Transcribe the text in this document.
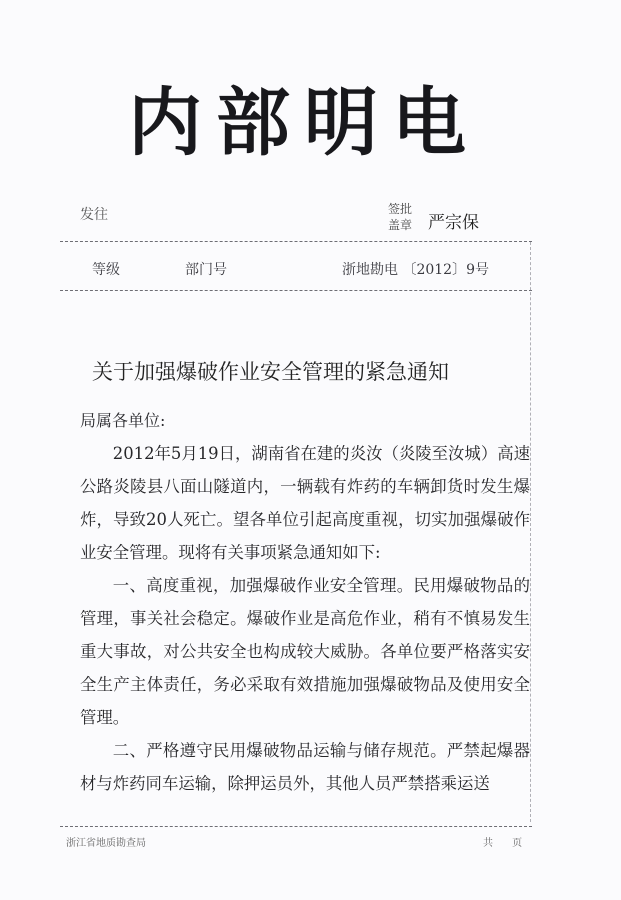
内部明电
发往	签批盖章 严宗保
等级	部门号	浙地勘电 〔2012〕9号
关于加强爆破作业安全管理的紧急通知
局属各单位:

2012年5月19日，湖南省在建的炎汝（炎陵至汝城）高速公路炎陵县八面山隧道内，一辆载有炸药的车辆卸货时发生爆炸，导致20人死亡。望各单位引起高度重视，切实加强爆破作业安全管理。现将有关事项紧急通知如下:

一、高度重视，加强爆破作业安全管理。民用爆破物品的管理，事关社会稳定。爆破作业是高危作业，稍有不慎易发生重大事故，对公共安全也构成较大威胁。各单位要严格落实安全生产主体责任，务必采取有效措施加强爆破物品及使用安全管理。

二、严格遵守民用爆破物品运输与储存规范。严禁起爆器材与炸药同车运输，除押运员外，其他人员严禁搭乘运送

浙江省地质勘查局	共 页
